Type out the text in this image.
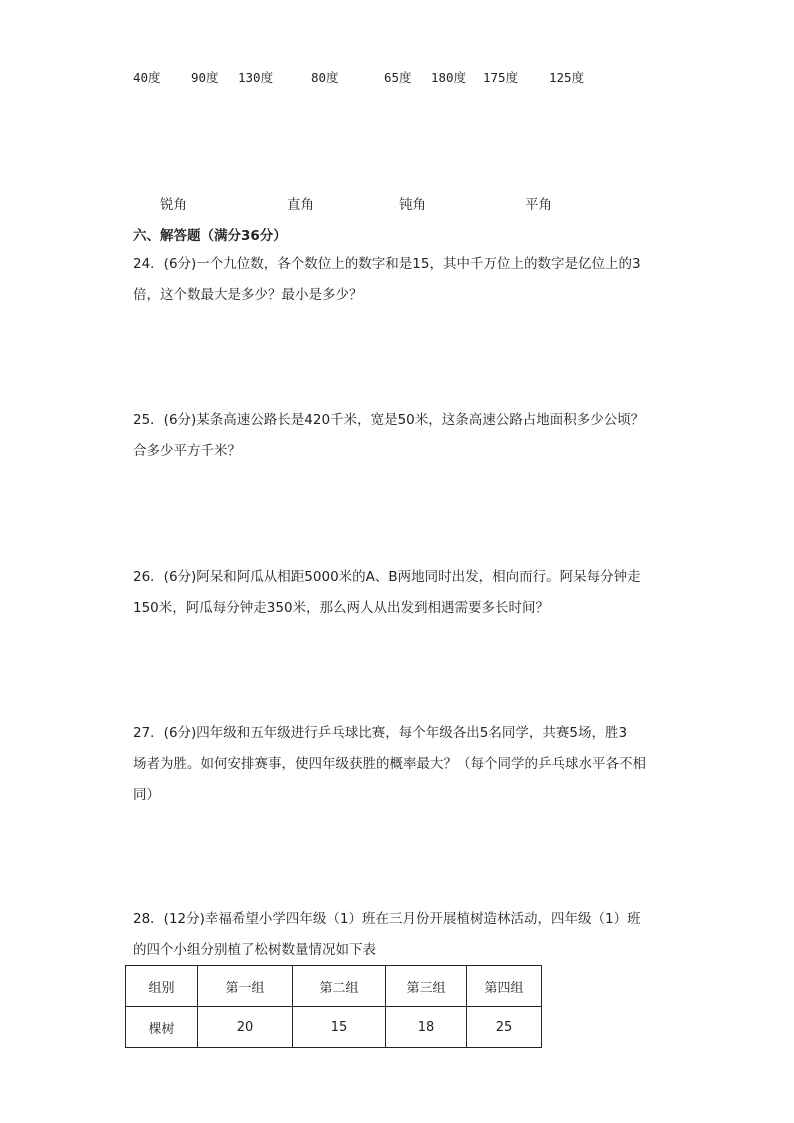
40度 90度 130度	80度	65度 180度 175度 125度
锐角	直角	钝角	平角
六、解答题（满分36分）
24．(6分)一个九位数，各个数位上的数字和是15，其中千万位上的数字是亿位上的3
倍，这个数最大是多少？最小是多少？
25．(6分)某条高速公路长是420千米，宽是50米，这条高速公路占地面积多少公顷？
合多少平方千米？
26．(6分)阿呆和阿瓜从相距5000米的A、B两地同时出发，相向而行。阿呆每分钟走
150米，阿瓜每分钟走350米，那么两人从出发到相遇需要多长时间？
27．(6分)四年级和五年级进行乒乓球比赛，每个年级各出5名同学，共赛5场，胜3
场者为胜。如何安排赛事，使四年级获胜的概率最大？（每个同学的乒乓球水平各不相
同）
28．(12分)幸福希望小学四年级（1）班在三月份开展植树造林活动，四年级（1）班
的四个小组分别植了松树数量情况如下表
组别	第一组	第二组	第三组	第四组
棵树	20	15	18	25
